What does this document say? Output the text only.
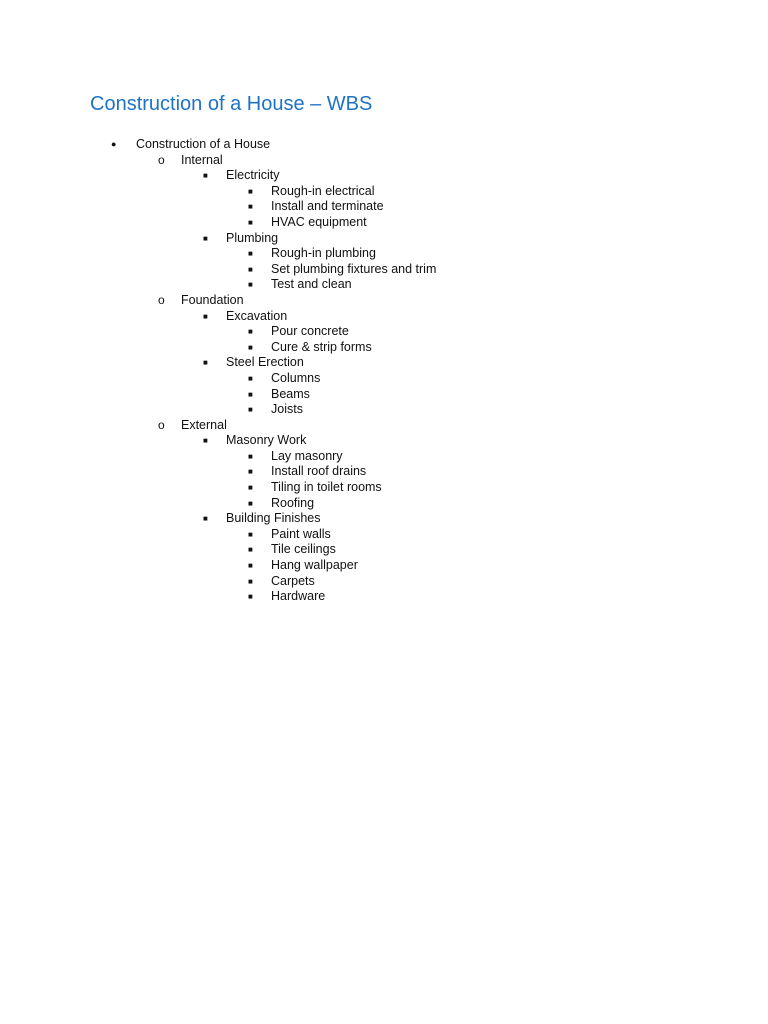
Construction of a House – WBS
● Construction of a House
o Internal
■ Electricity
■ Rough-in electrical
■ Install and terminate
■ HVAC equipment
■ Plumbing
■ Rough-in plumbing
■ Set plumbing fixtures and trim
■ Test and clean
o Foundation
■ Excavation
■ Pour concrete
■ Cure & strip forms
■ Steel Erection
■ Columns
■ Beams
■ Joists
o External
■ Masonry Work
■ Lay masonry
■ Install roof drains
■ Tiling in toilet rooms
■ Roofing
■ Building Finishes
■ Paint walls
■ Tile ceilings
■ Hang wallpaper
■ Carpets
■ Hardware
